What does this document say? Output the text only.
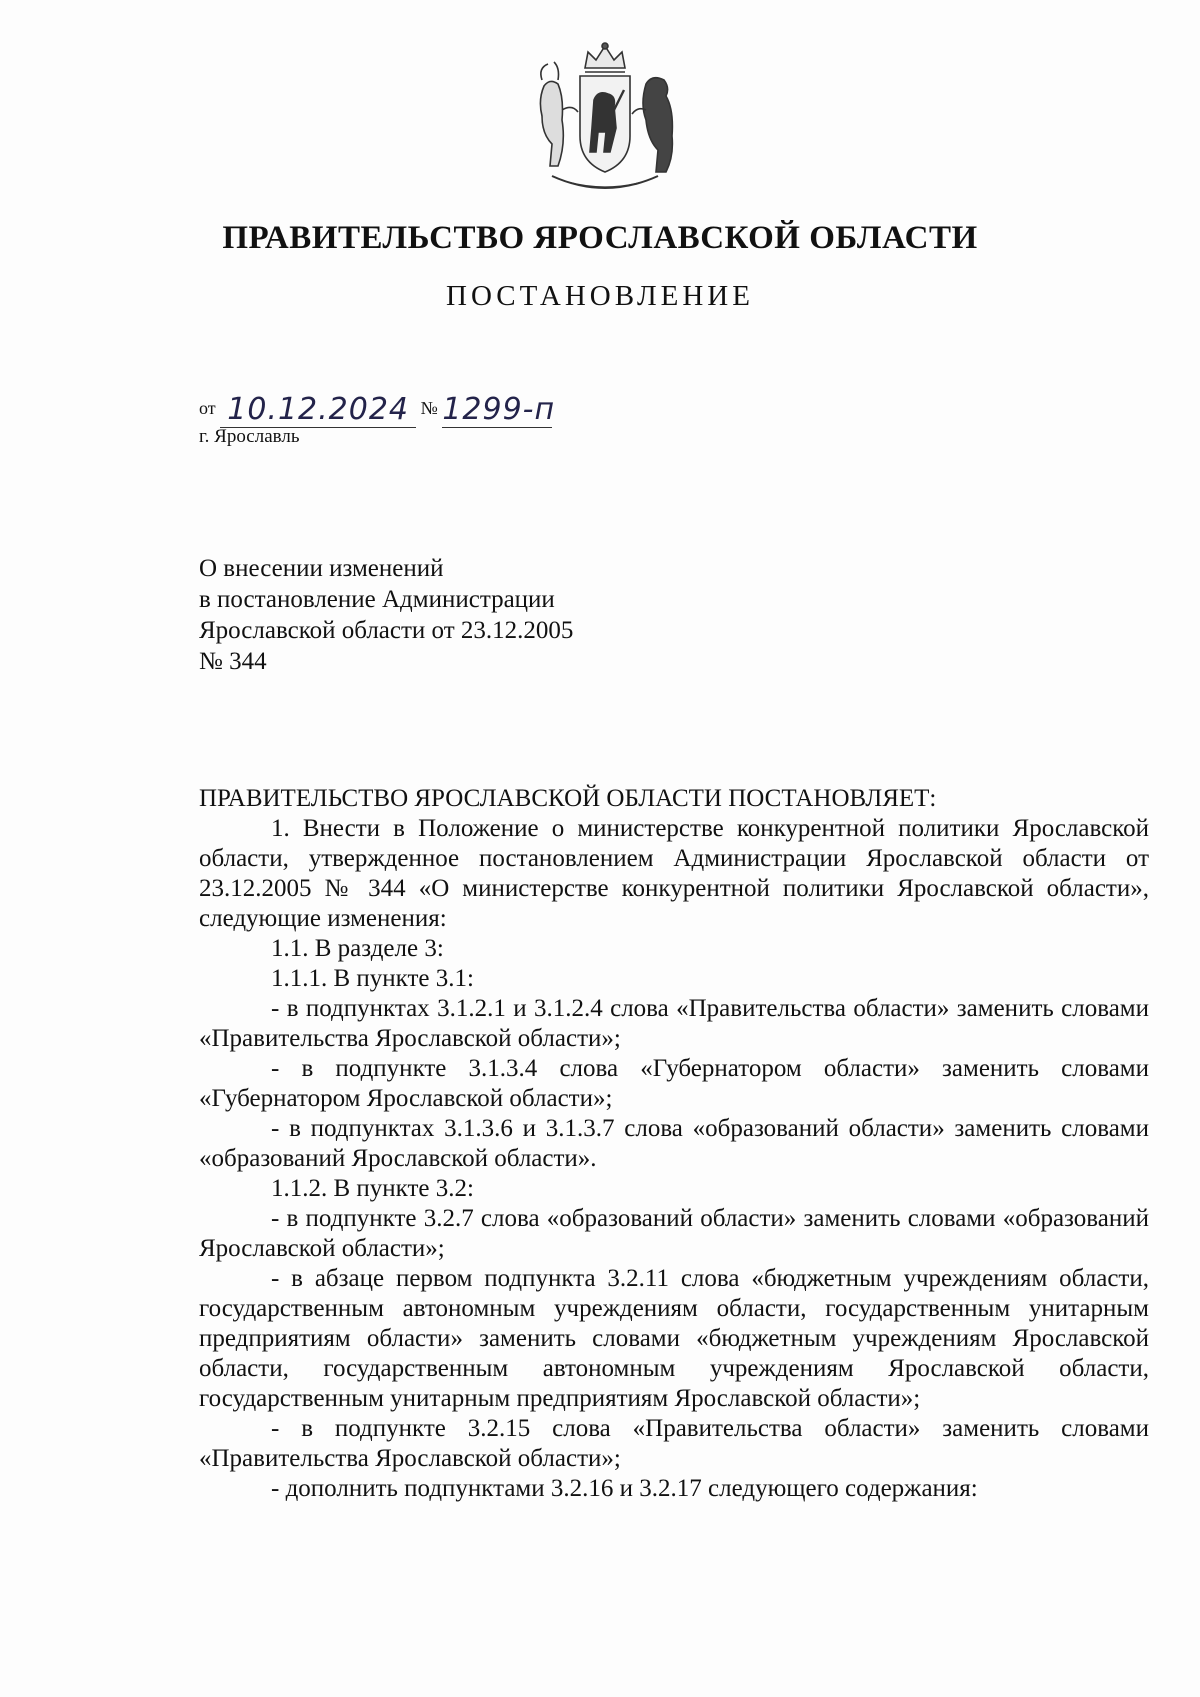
ПРАВИТЕЛЬСТВО ЯРОСЛАВСКОЙ ОБЛАСТИ
ПОСТАНОВЛЕНИЕ
от 10.12.2024 № 1299-п
г. Ярославль
О внесении изменений
в постановление Администрации
Ярославской области от 23.12.2005
№ 344
ПРАВИТЕЛЬСТВО ЯРОСЛАВСКОЙ ОБЛАСТИ ПОСТАНОВЛЯЕТ:

1. Внести в Положение о министерстве конкурентной политики Ярославской области, утвержденное постановлением Администрации Ярославской области от 23.12.2005 № 344 «О министерстве конкурентной политики Ярославской области», следующие изменения:

1.1. В разделе 3:

1.1.1. В пункте 3.1:

- в подпунктах 3.1.2.1 и 3.1.2.4 слова «Правительства области» заменить словами «Правительства Ярославской области»;

- в подпункте 3.1.3.4 слова «Губернатором области» заменить словами «Губернатором Ярославской области»;

- в подпунктах 3.1.3.6 и 3.1.3.7 слова «образований области» заменить словами «образований Ярославской области».

1.1.2. В пункте 3.2:

- в подпункте 3.2.7 слова «образований области» заменить словами «образований Ярославской области»;

- в абзаце первом подпункта 3.2.11 слова «бюджетным учреждениям области, государственным автономным учреждениям области, государственным унитарным предприятиям области» заменить словами «бюджетным учреждениям Ярославской области, государственным автономным учреждениям Ярославской области, государственным унитарным предприятиям Ярославской области»;

- в подпункте 3.2.15 слова «Правительства области» заменить словами «Правительства Ярославской области»;

- дополнить подпунктами 3.2.16 и 3.2.17 следующего содержания:
